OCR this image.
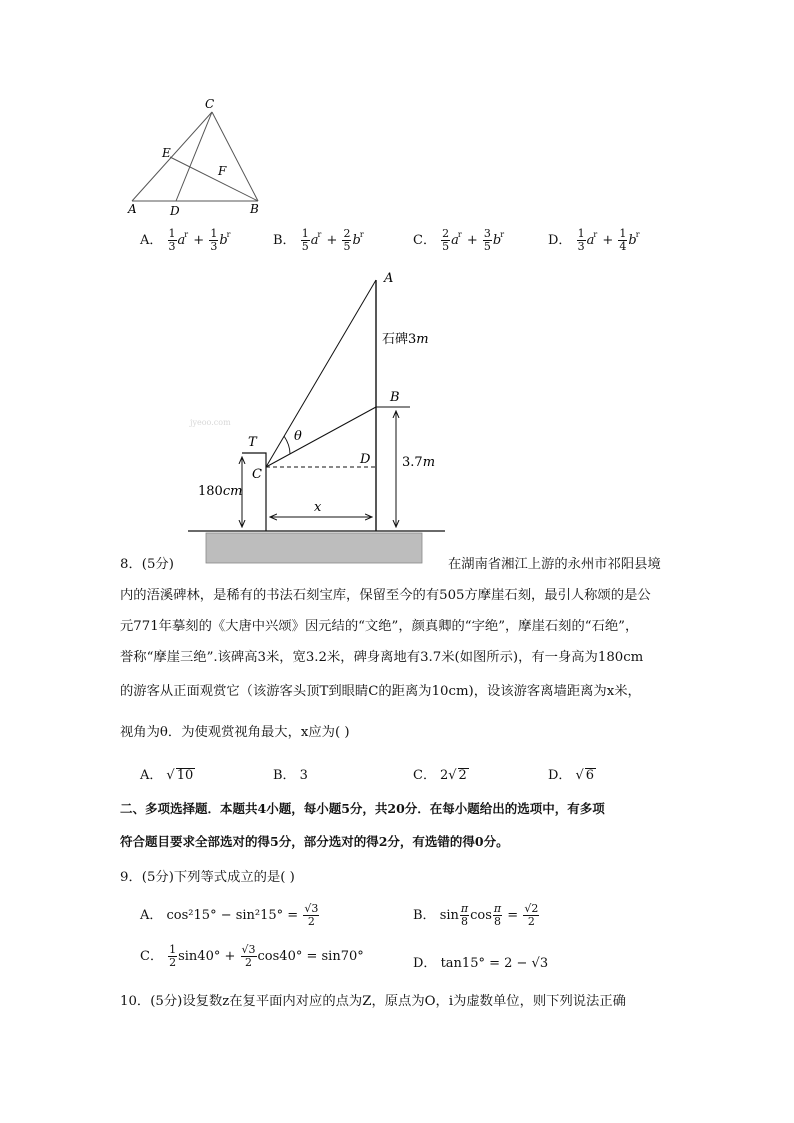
C
E
F
A	D	B
A． $\frac{1}{3} a^r + \frac{1}{3} b^r$	B． $\frac{1}{5} a^r + \frac{2}{5} b^r$	C． $\frac{2}{5} a^r + \frac{3}{5} b^r$	D． $\frac{1}{3} a^r + \frac{1}{4} b^r$
A
B
T
C
D
θ
x
石碑3m
3.7m
180cm
jyeoo.com
8．(5分)	在湖南省湘江上游的永州市祁阳县境
内的浯溪碑林，是稀有的书法石刻宝库，保留至今的有505方摩崖石刻，最引人称颂的是公
元771年摹刻的《大唐中兴颂》因元结的“文绝”，颜真卿的“字绝”，摩崖石刻的“石绝”，
誉称“摩崖三绝”.该碑高3米，宽3.2米，碑身离地有3.7米(如图所示)，有一身高为180cm
的游客从正面观赏它（该游客头顶T到眼睛C的距离为10cm)，设该游客离墙距离为x米，
视角为θ．为使观赏视角最大，x应为( )
A． √ 10	B． 3	C． 2√ 2	D． √ 6
二、多项选择题．本题共4小题，每小题5分，共20分．在每小题给出的选项中，有多项
符合题目要求全部选对的得5分，部分选对的得2分，有选错的得0分。
9．(5分)下列等式成立的是( )
A． $\cos^215^\circ - \sin^215^\circ = \frac{√3}{2}$	B． $\sin \frac{\pi}{8}$ $\cos \frac{\pi}{8} = \frac{√2}{2}$
C． $\frac{1}{2} \sin 40^\circ + \frac{√3}{2} \cos 40^\circ = \sin 70^\circ$	D． tan15° = 2 − √3
10．(5分)设复数z在复平面内对应的点为Z，原点为O，i为虚数单位，则下列说法正确
